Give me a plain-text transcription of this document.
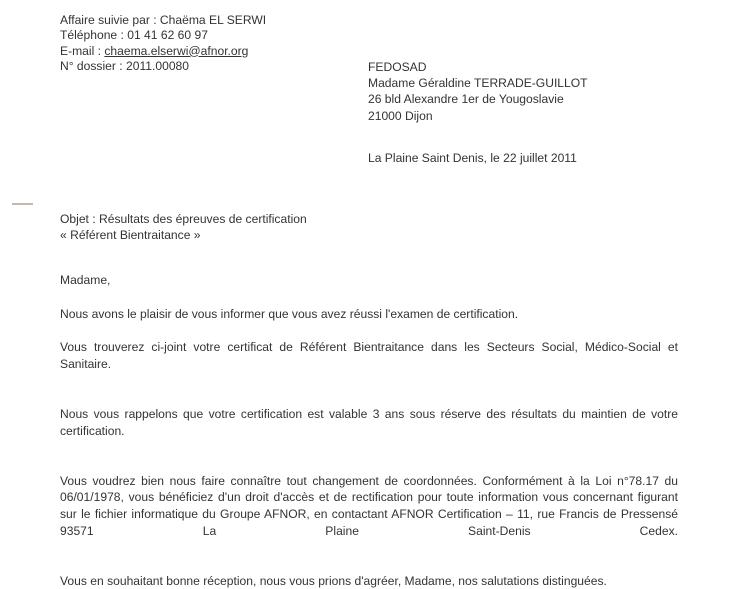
Affaire suivie par : Chaëma EL SERWI
Téléphone : 01 41 62 60 97
E-mail : chaema.elserwi@afnor.org
N° dossier : 2011.00080	FEDOSAD
Madame Géraldine TERRADE-GUILLOT
26 bld Alexandre 1er de Yougoslavie
21000 Dijon
La Plaine Saint Denis, le 22 juillet 2011
Objet : Résultats des épreuves de certification
« Référent Bientraitance »

Madame,

Nous avons le plaisir de vous informer que vous avez réussi l'examen de certification.

Vous trouverez ci-joint votre certificat de Référent Bientraitance dans les Secteurs Social, Médico-Social et Sanitaire.

Nous vous rappelons que votre certification est valable 3 ans sous réserve des résultats du maintien de votre certification.

Vous voudrez bien nous faire connaître tout changement de coordonnées. Conformément à la Loi n°78.17 du 06/01/1978, vous bénéficiez d'un droit d'accès et de rectification pour toute information vous concernant figurant sur le fichier informatique du Groupe AFNOR, en contactant AFNOR Certification – 11, rue Francis de Pressensé 93571 La Plaine Saint-Denis Cedex.

Vous en souhaitant bonne réception, nous vous prions d'agréer, Madame, nos salutations distinguées.
